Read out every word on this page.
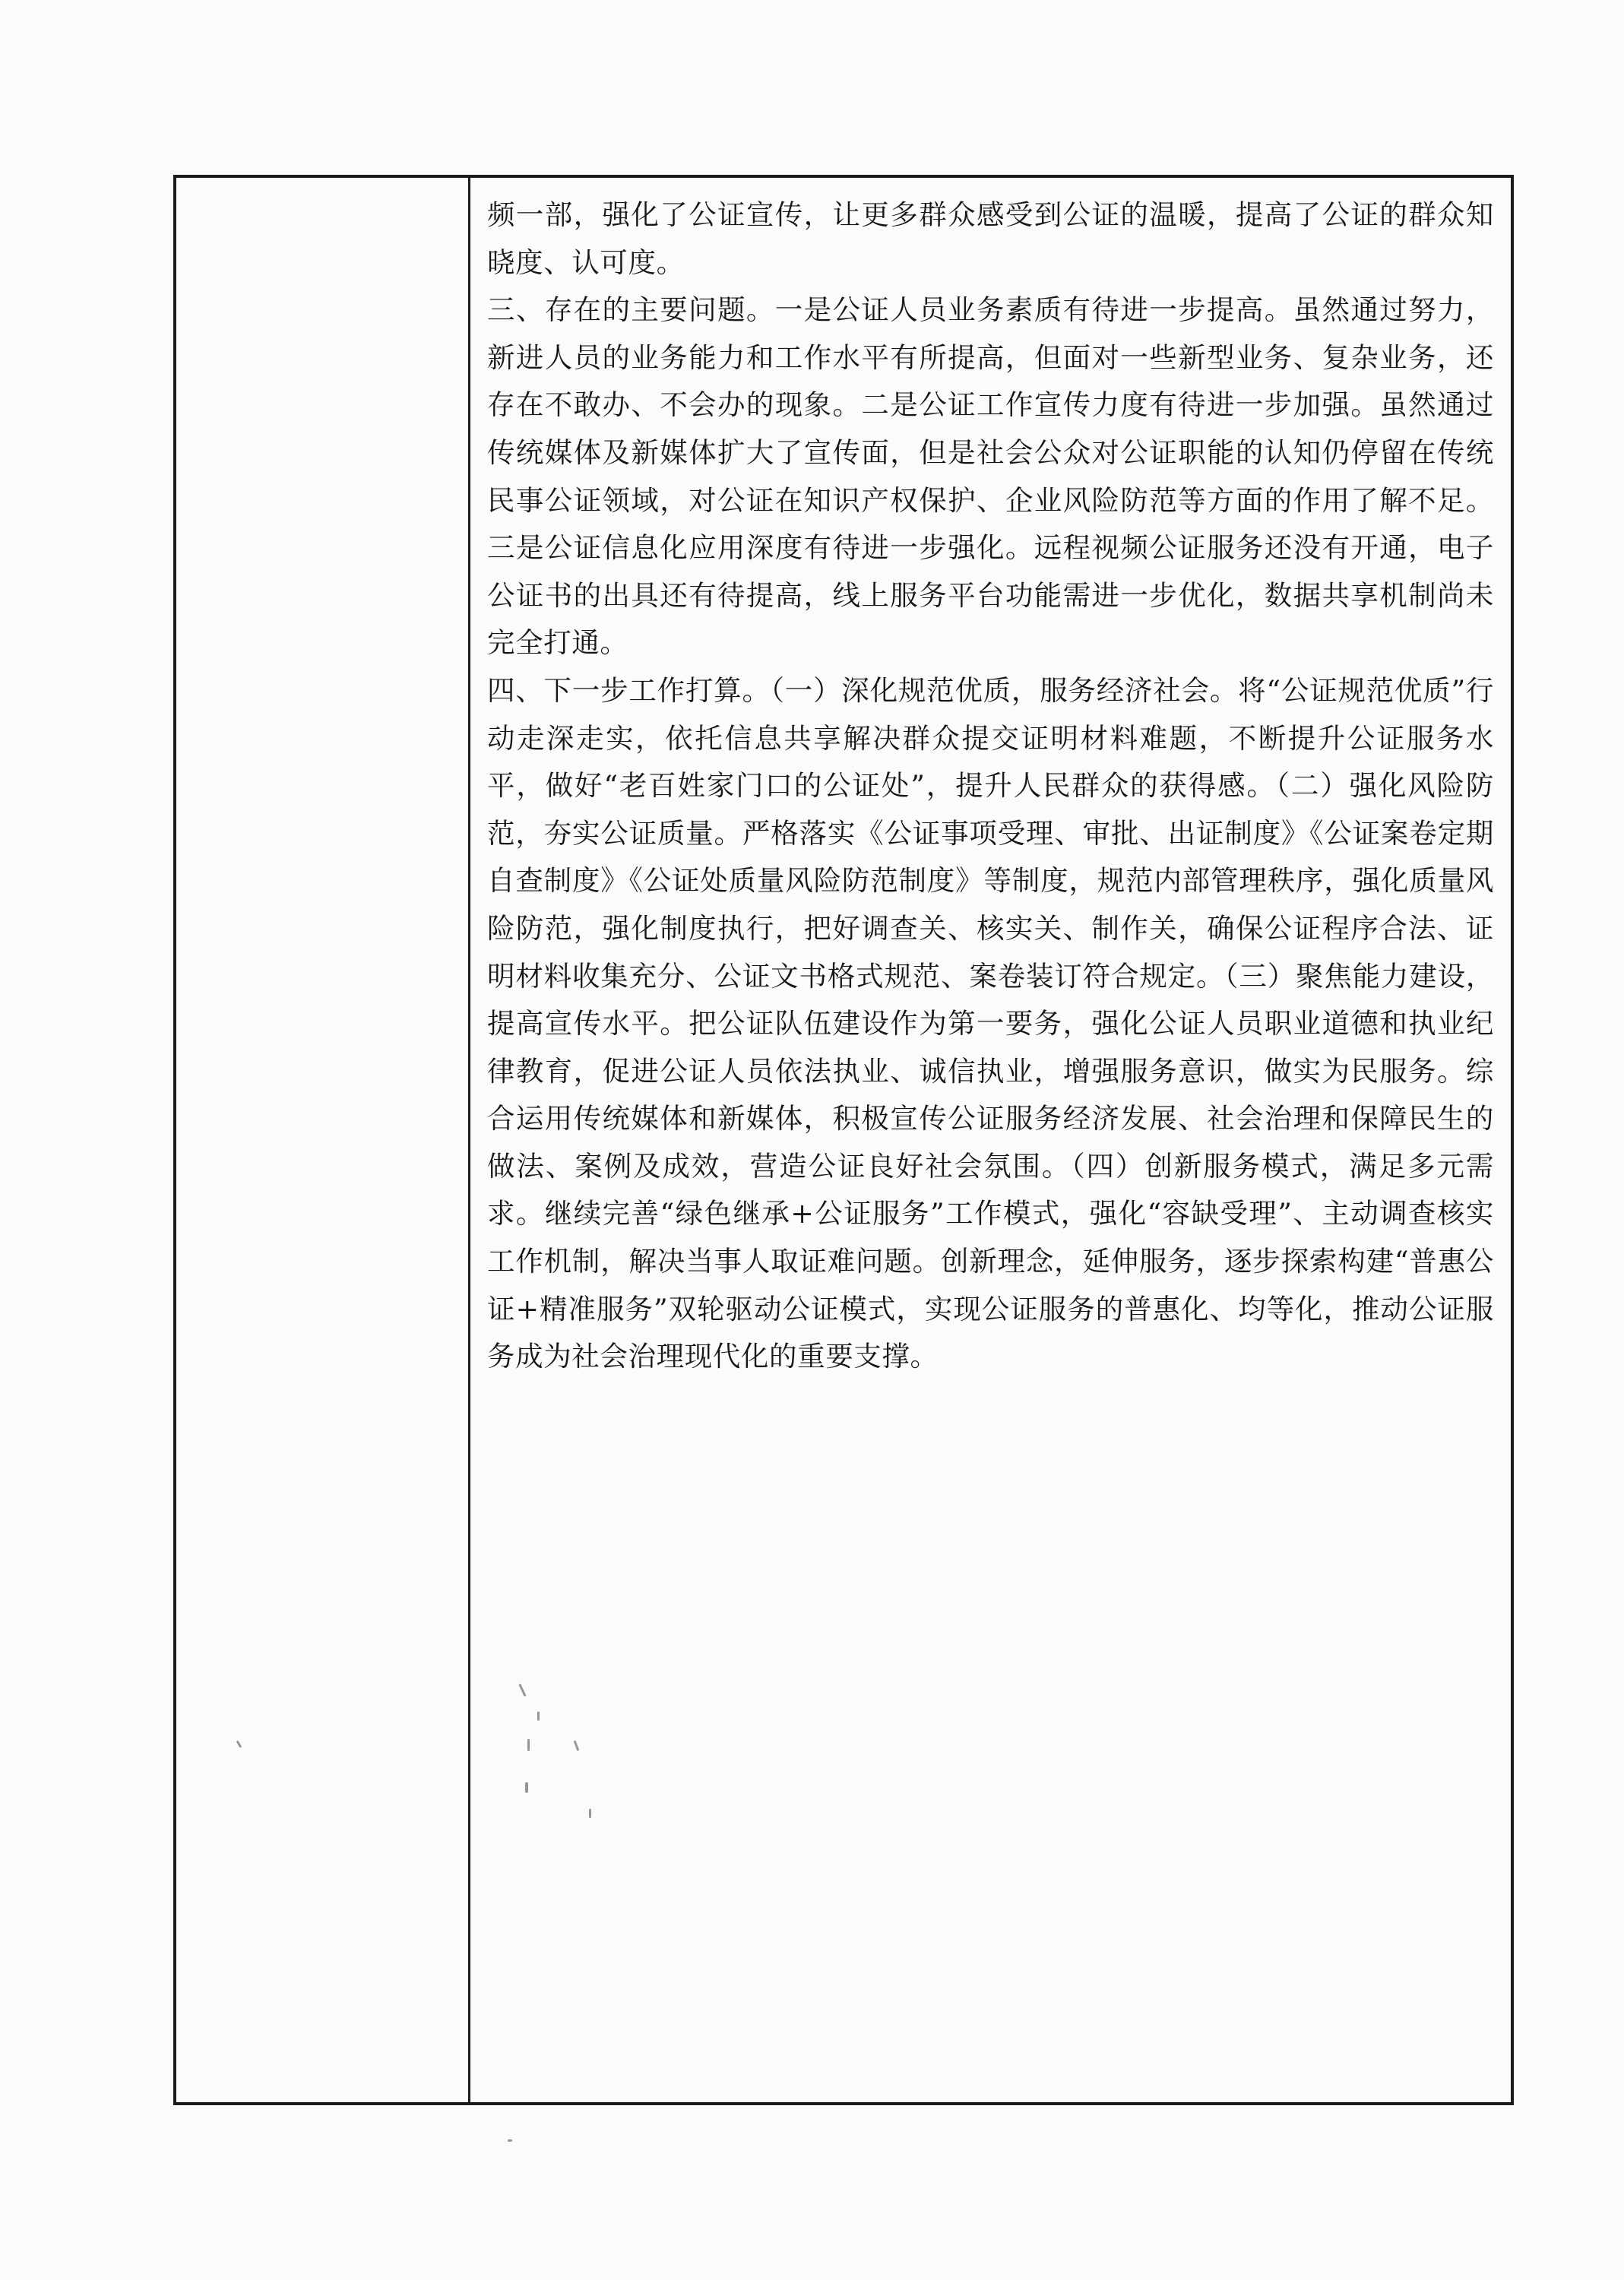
频一部，强化了公证宣传，让更多群众感受到公证的温暖，提高了公证的群众知晓度、认可度。

三、存在的主要问题。一是公证人员业务素质有待进一步提高。虽然通过努力，新进人员的业务能力和工作水平有所提高，但面对一些新型业务、复杂业务，还存在不敢办、不会办的现象。二是公证工作宣传力度有待进一步加强。虽然通过传统媒体及新媒体扩大了宣传面，但是社会公众对公证职能的认知仍停留在传统民事公证领域，对公证在知识产权保护、企业风险防范等方面的作用了解不足。三是公证信息化应用深度有待进一步强化。远程视频公证服务还没有开通，电子公证书的出具还有待提高，线上服务平台功能需进一步优化，数据共享机制尚未完全打通。

四、下一步工作打算。（一）深化规范优质，服务经济社会。将“公证规范优质”行动走深走实，依托信息共享解决群众提交证明材料难题，不断提升公证服务水平，做好“老百姓家门口的公证处”，提升人民群众的获得感。（二）强化风险防范，夯实公证质量。严格落实《公证事项受理、审批、出证制度》《公证案卷定期自查制度》《公证处质量风险防范制度》等制度，规范内部管理秩序，强化质量风险防范，强化制度执行，把好调查关、核实关、制作关，确保公证程序合法、证明材料收集充分、公证文书格式规范、案卷装订符合规定。（三）聚焦能力建设，提高宣传水平。把公证队伍建设作为第一要务，强化公证人员职业道德和执业纪律教育，促进公证人员依法执业、诚信执业，增强服务意识，做实为民服务。综合运用传统媒体和新媒体，积极宣传公证服务经济发展、社会治理和保障民生的做法、案例及成效，营造公证良好社会氛围。（四）创新服务模式，满足多元需求。继续完善“绿色继承+公证服务”工作模式，强化“容缺受理”、主动调查核实工作机制，解决当事人取证难问题。创新理念，延伸服务，逐步探索构建“普惠公证+精准服务”双轮驱动公证模式，实现公证服务的普惠化、均等化，推动公证服务成为社会治理现代化的重要支撑。
